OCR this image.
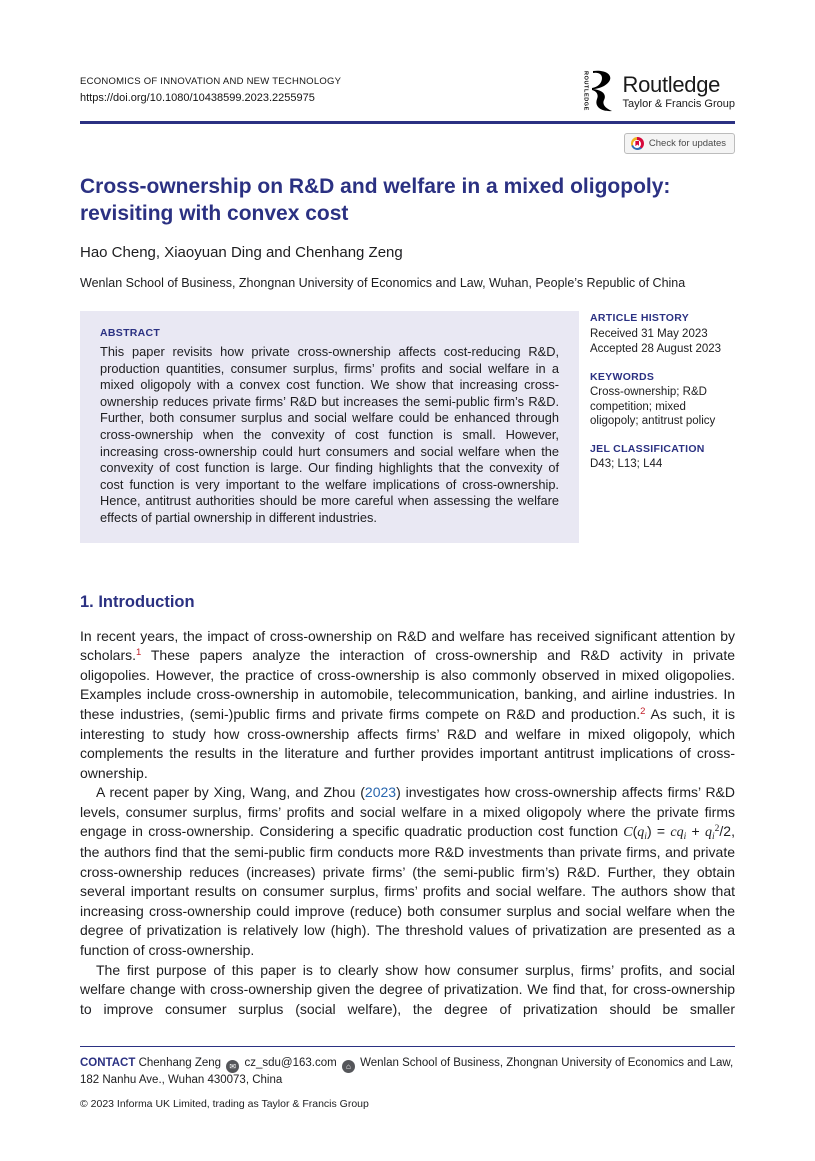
ECONOMICS OF INNOVATION AND NEW TECHNOLOGY
https://doi.org/10.1080/10438599.2023.2255975	ROUTLEDGE Routledge
Taylor & Francis Group
Check for updates
Cross-ownership on R&D and welfare in a mixed oligopoly:
revisiting with convex cost
Hao Cheng, Xiaoyuan Ding and Chenhang Zeng
Wenlan School of Business, Zhongnan University of Economics and Law, Wuhan, People’s Republic of China
ABSTRACT
This paper revisits how private cross-ownership affects cost-reducing R&D, production quantities, consumer surplus, firms’ profits and social welfare in a mixed oligopoly with a convex cost function. We show that increasing cross-ownership reduces private firms’ R&D but increases the semi-public firm’s R&D. Further, both consumer surplus and social welfare could be enhanced through cross-ownership when the convexity of cost function is small. However, increasing cross-ownership could hurt consumers and social welfare when the convexity of cost function is large. Our finding highlights that the convexity of cost function is very important to the welfare implications of cross-ownership. Hence, antitrust authorities should be more careful when assessing the welfare effects of partial ownership in different industries.
ARTICLE HISTORY
Received 31 May 2023
Accepted 28 August 2023
KEYWORDS
Cross-ownership; R&D competition; mixed oligopoly; antitrust policy
JEL CLASSIFICATION
D43; L13; L44
1. Introduction

In recent years, the impact of cross-ownership on R&D and welfare has received significant attention by scholars.$^1$ These papers analyze the interaction of cross-ownership and R&D activity in private oligopolies. However, the practice of cross-ownership is also commonly observed in mixed oligopolies. Examples include cross-ownership in automobile, telecommunication, banking, and airline industries. In these industries, (semi-)public firms and private firms compete on R&D and production.$^2$ As such, it is interesting to study how cross-ownership affects firms’ R&D and welfare in mixed oligopoly, which complements the results in the literature and further provides important antitrust implications of cross-ownership.

A recent paper by Xing, Wang, and Zhou (2023) investigates how cross-ownership affects firms’ R&D levels, consumer surplus, firms’ profits and social welfare in a mixed oligopoly where the private firms engage in cross-ownership. Considering a specific quadratic production cost function $C(q_i) = cq_i + q_i^2/2$, the authors find that the semi-public firm conducts more R&D investments than private firms, and private cross-ownership reduces (increases) private firms’ (the semi-public firm’s) R&D. Further, they obtain several important results on consumer surplus, firms’ profits and social welfare. The authors show that increasing cross-ownership could improve (reduce) both consumer surplus and social welfare when the degree of privatization is relatively low (high). The threshold values of privatization are presented as a function of cross-ownership.

The first purpose of this paper is to clearly show how consumer surplus, firms’ profits, and social welfare change with cross-ownership given the degree of privatization. We find that, for cross-ownership to improve consumer surplus (social welfare), the degree of privatization should be smaller

CONTACT Chenhang Zeng ✉ cz_sdu@163.com ⌂ Wenlan School of Business, Zhongnan University of Economics and Law, 182 Nanhu Ave., Wuhan 430073, China

© 2023 Informa UK Limited, trading as Taylor & Francis Group
